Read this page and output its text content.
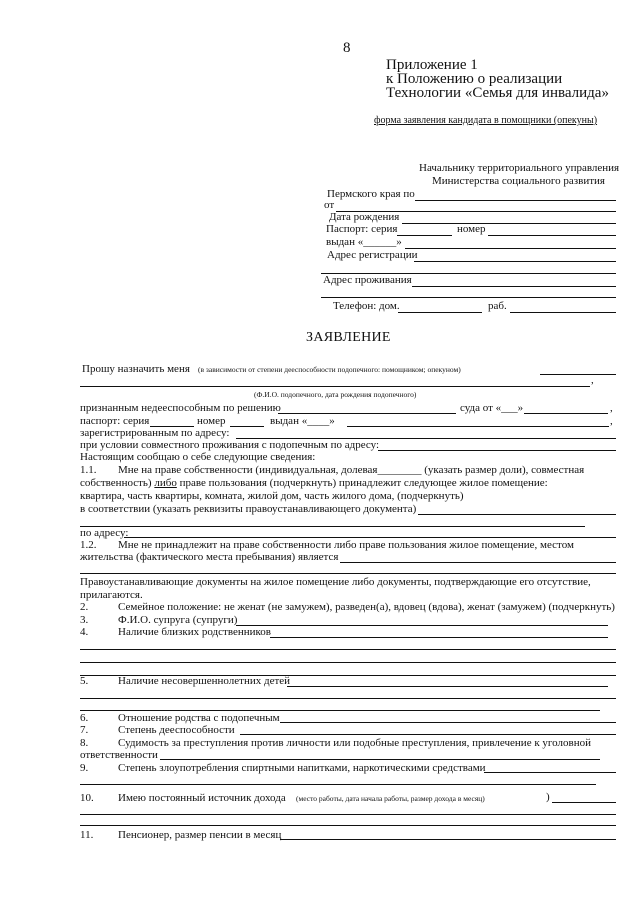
8
Приложение 1
к Положению о реализации
Технологии «Семья для инвалида»
форма заявления кандидата в помощники (опекуны)
Начальнику территориального управления
Министерства социального развития
Пермского края по
от
Дата рождения
Паспорт: серия	номер
выдан «______»
Адрес регистрации
Адрес проживания
Телефон: дом.	раб.
ЗАЯВЛЕНИЕ
Прошу назначить меня (в зависимости от степени дееспособности подопечного: помощником; опекуном)
,
(Ф.И.О. подопечного, дата рождения подопечного)
признанным недееспособным по решению	суда от «___»	,
паспорт: серия	номер	выдан «____»	,
зарегистрированным по адресу:
при условии совместного проживания с подопечным по адресу:
Настоящим сообщаю о себе следующие сведения:
1.1. Мне на праве собственности (индивидуальная, долевая________ (указать размер доли), совместная
собственность) либо праве пользования (подчеркнуть) принадлежит следующее жилое помещение:
квартира, часть квартиры, комната, жилой дом, часть жилого дома, (подчеркнуть)
в соответствии (указать реквизиты правоустанавливающего документа)
по адресу:
1.2. Мне не принадлежит на праве собственности либо праве пользования жилое помещение, местом
жительства (фактического места пребывания) является
Правоустанавливающие документы на жилое помещение либо документы, подтверждающие его отсутствие,
прилагаются.
2.	Семейное положение: не женат (не замужем), разведен(а), вдовец (вдова), женат (замужем) (подчеркнуть)
3.	Ф.И.О. супруга (супруги)
4.	Наличие близких родственников
5.	Наличие несовершеннолетних детей
6.	Отношение родства с подопечным
7.	Степень дееспособности
8.	Судимость за преступления против личности или подобные преступления, привлечение к уголовной
ответственности
9.	Степень злоупотребления спиртными напитками, наркотическими средствами
10. Имею постоянный источник дохода (место работы, дата начала работы, размер дохода в месяц)	)
11. Пенсионер, размер пенсии в месяц
